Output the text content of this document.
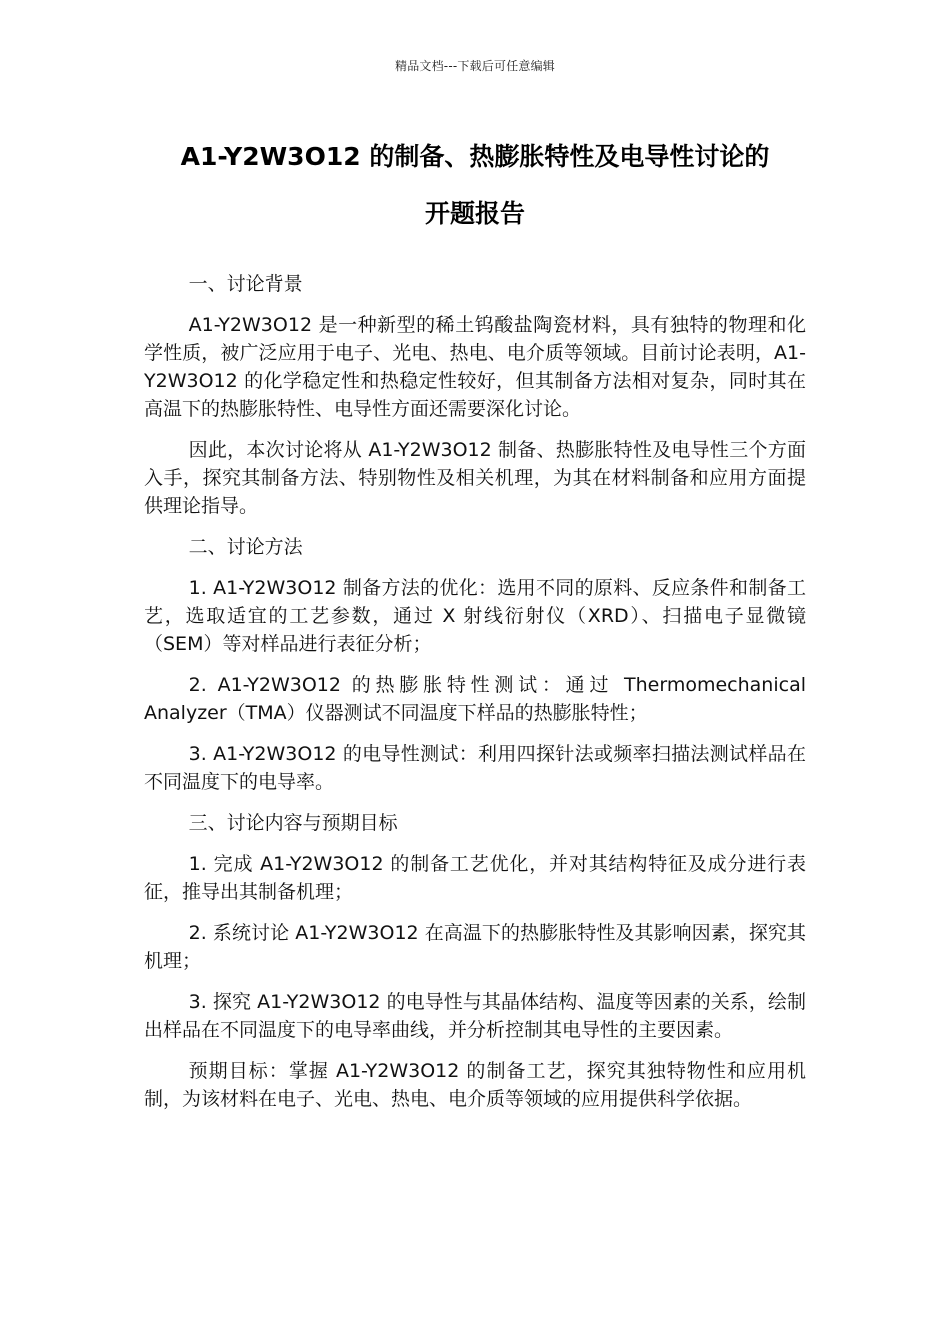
精品文档---下载后可任意编辑
A1-Y2W3O12 的制备、热膨胀特性及电导性讨论的
开题报告

一、讨论背景

A1-Y2W3O12 是一种新型的稀土钨酸盐陶瓷材料，具有独特的物理和化学性质，被广泛应用于电子、光电、热电、电介质等领域。目前讨论表明，A1-Y2W3O12 的化学稳定性和热稳定性较好，但其制备方法相对复杂，同时其在高温下的热膨胀特性、电导性方面还需要深化讨论。

因此，本次讨论将从 A1-Y2W3O12 制备、热膨胀特性及电导性三个方面入手，探究其制备方法、特别物性及相关机理，为其在材料制备和应用方面提供理论指导。

二、讨论方法

1. A1-Y2W3O12 制备方法的优化：选用不同的原料、反应条件和制备工艺，选取适宜的工艺参数，通过 X 射线衍射仪（XRD）、扫描电子显微镜（SEM）等对样品进行表征分析；

2. A1-Y2W3O12 的热膨胀特性测试：通过 Thermomechanical Analyzer（TMA）仪器测试不同温度下样品的热膨胀特性；

3. A1-Y2W3O12 的电导性测试：利用四探针法或频率扫描法测试样品在不同温度下的电导率。

三、讨论内容与预期目标

1. 完成 A1-Y2W3O12 的制备工艺优化，并对其结构特征及成分进行表征，推导出其制备机理；

2. 系统讨论 A1-Y2W3O12 在高温下的热膨胀特性及其影响因素，探究其机理；

3. 探究 A1-Y2W3O12 的电导性与其晶体结构、温度等因素的关系，绘制出样品在不同温度下的电导率曲线，并分析控制其电导性的主要因素。

预期目标：掌握 A1-Y2W3O12 的制备工艺，探究其独特物性和应用机制，为该材料在电子、光电、热电、电介质等领域的应用提供科学依据。
